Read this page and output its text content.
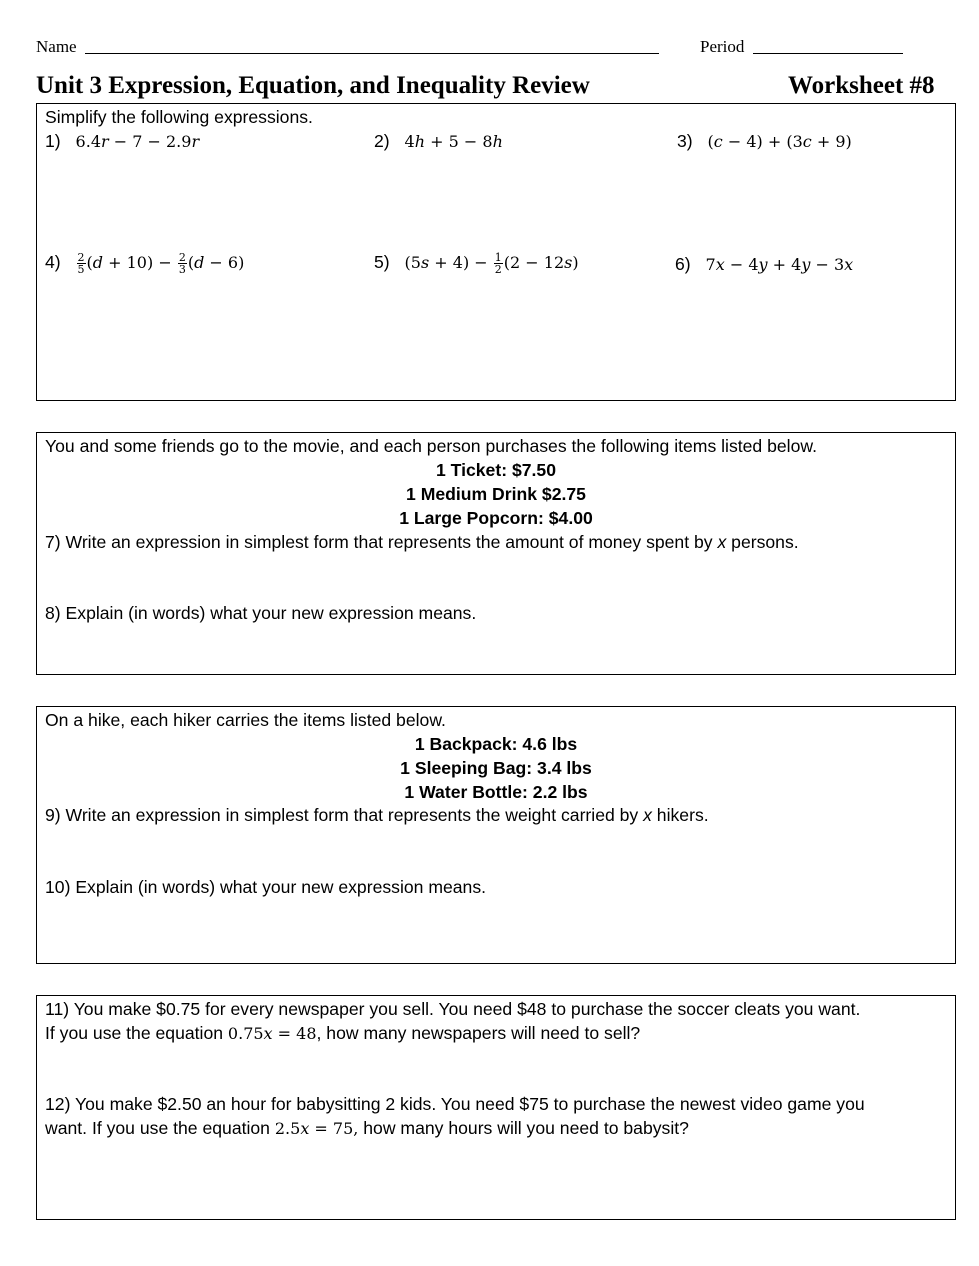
Name	Period
Unit 3 Expression, Equation, and Inequality Review	Worksheet #8
Simplify the following expressions.
1) 6.4r − 7 − 2.9r	2) 4h + 5 − 8h	3) (c − 4) + (3c + 9)
$4) \frac{2}{5} (d + 10) - \frac{2}{3} (d - 6)$	5) $(5s + 4) - \frac{1}{2} (2 - 12s)$	6) 7x − 4y + 4y − 3x
You and some friends go to the movie, and each person purchases the following items listed below.
1 Ticket: $7.50
1 Medium Drink $2.75
1 Large Popcorn: $4.00
7) Write an expression in simplest form that represents the amount of money spent by x persons.
8) Explain (in words) what your new expression means.
On a hike, each hiker carries the items listed below.
1 Backpack: 4.6 lbs
1 Sleeping Bag: 3.4 lbs
1 Water Bottle: 2.2 lbs
9) Write an expression in simplest form that represents the weight carried by x hikers.
10) Explain (in words) what your new expression means.
11) You make $0.75 for every newspaper you sell. You need $48 to purchase the soccer cleats you want.
If you use the equation 0.75x = 48, how many newspapers will need to sell?
12) You make $2.50 an hour for babysitting 2 kids. You need $75 to purchase the newest video game you
want. If you use the equation 2.5x = 75, how many hours will you need to babysit?
